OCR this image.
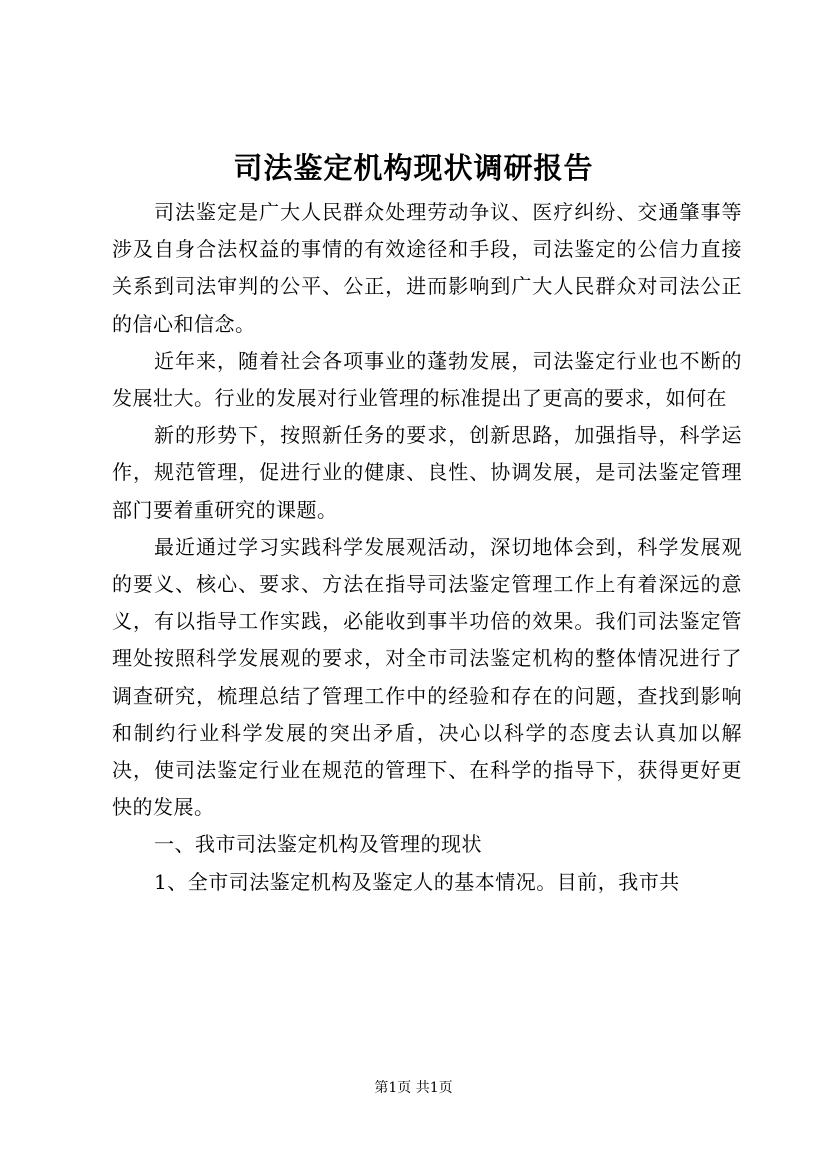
司法鉴定机构现状调研报告

司法鉴定是广大人民群众处理劳动争议、医疗纠纷、交通肇事等涉及自身合法权益的事情的有效途径和手段，司法鉴定的公信力直接关系到司法审判的公平、公正，进而影响到广大人民群众对司法公正的信心和信念。

近年来，随着社会各项事业的蓬勃发展，司法鉴定行业也不断的发展壮大。行业的发展对行业管理的标准提出了更高的要求，如何在

新的形势下，按照新任务的要求，创新思路，加强指导，科学运作，规范管理，促进行业的健康、良性、协调发展，是司法鉴定管理部门要着重研究的课题。

最近通过学习实践科学发展观活动，深切地体会到，科学发展观的要义、核心、要求、方法在指导司法鉴定管理工作上有着深远的意义，有以指导工作实践，必能收到事半功倍的效果。我们司法鉴定管理处按照科学发展观的要求，对全市司法鉴定机构的整体情况进行了调查研究，梳理总结了管理工作中的经验和存在的问题，查找到影响和制约行业科学发展的突出矛盾，决心以科学的态度去认真加以解决，使司法鉴定行业在规范的管理下、在科学的指导下，获得更好更快的发展。

一、我市司法鉴定机构及管理的现状

1、全市司法鉴定机构及鉴定人的基本情况。目前，我市共

第1页 共1页
